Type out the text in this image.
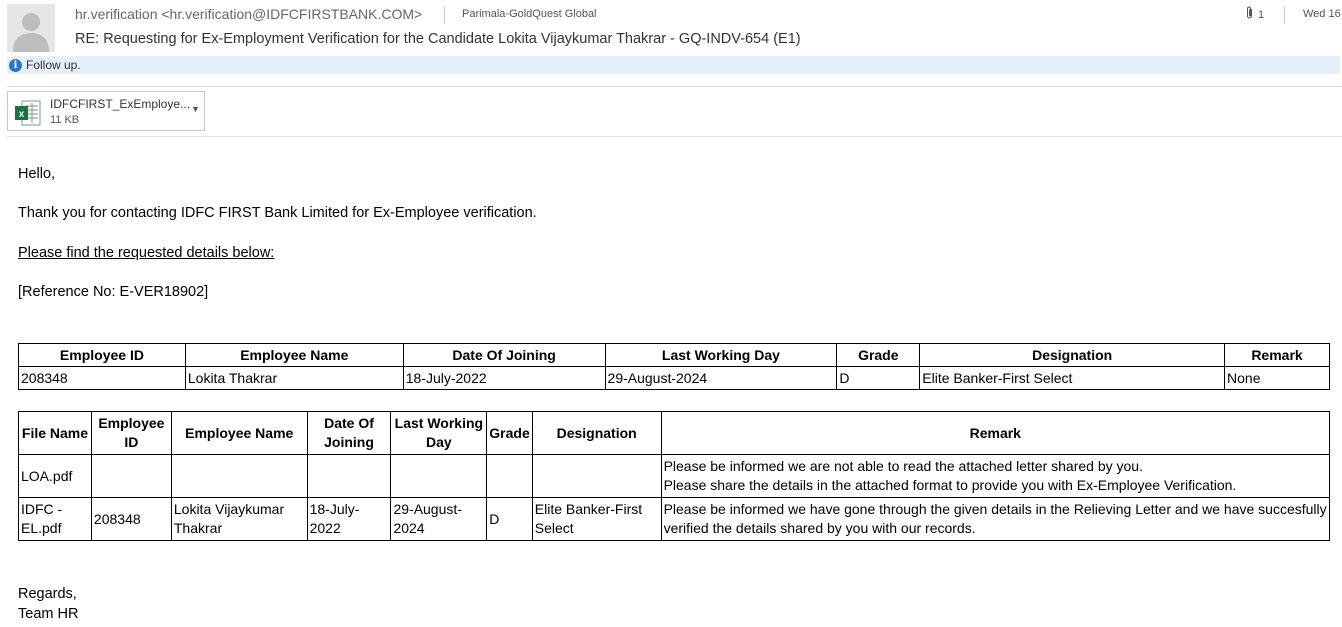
hr.verification <hr.verification@IDFCFIRSTBANK.COM>	Parimala-GoldQuest Global	1	Wed 16
RE: Requesting for Ex-Employment Verification for the Candidate Lokita Vijaykumar Thakrar - GQ-INDV-654 (E1)
i Follow up.
x
IDFCFIRST_ExEmploye...
11 KB
▼

Hello,

Thank you for contacting IDFC FIRST Bank Limited for Ex-Employee verification.

Please find the requested details below:

[Reference No: E-VER18902]

Employee ID	Employee Name	Date Of Joining	Last Working Day	Grade	Designation	Remark
208348	Lokita Thakrar	18-July-2022	29-August-2024	D	Elite Banker-First Select	None
File Name	Employee ID	Employee Name	Date Of Joining	Last Working Day	Grade	Designation	Remark
LOA.pdf							Please be informed we are not able to read the attached letter shared by you.
Please share the details in the attached format to provide you with Ex-Employee Verification.
IDFC - EL.pdf	208348	Lokita Vijaykumar Thakrar	18-July-2022	29-August-2024	D	Elite Banker-First Select	Please be informed we have gone through the given details in the Relieving Letter and we have succesfully verified the details shared by you with our records.
Regards,
Team HR
